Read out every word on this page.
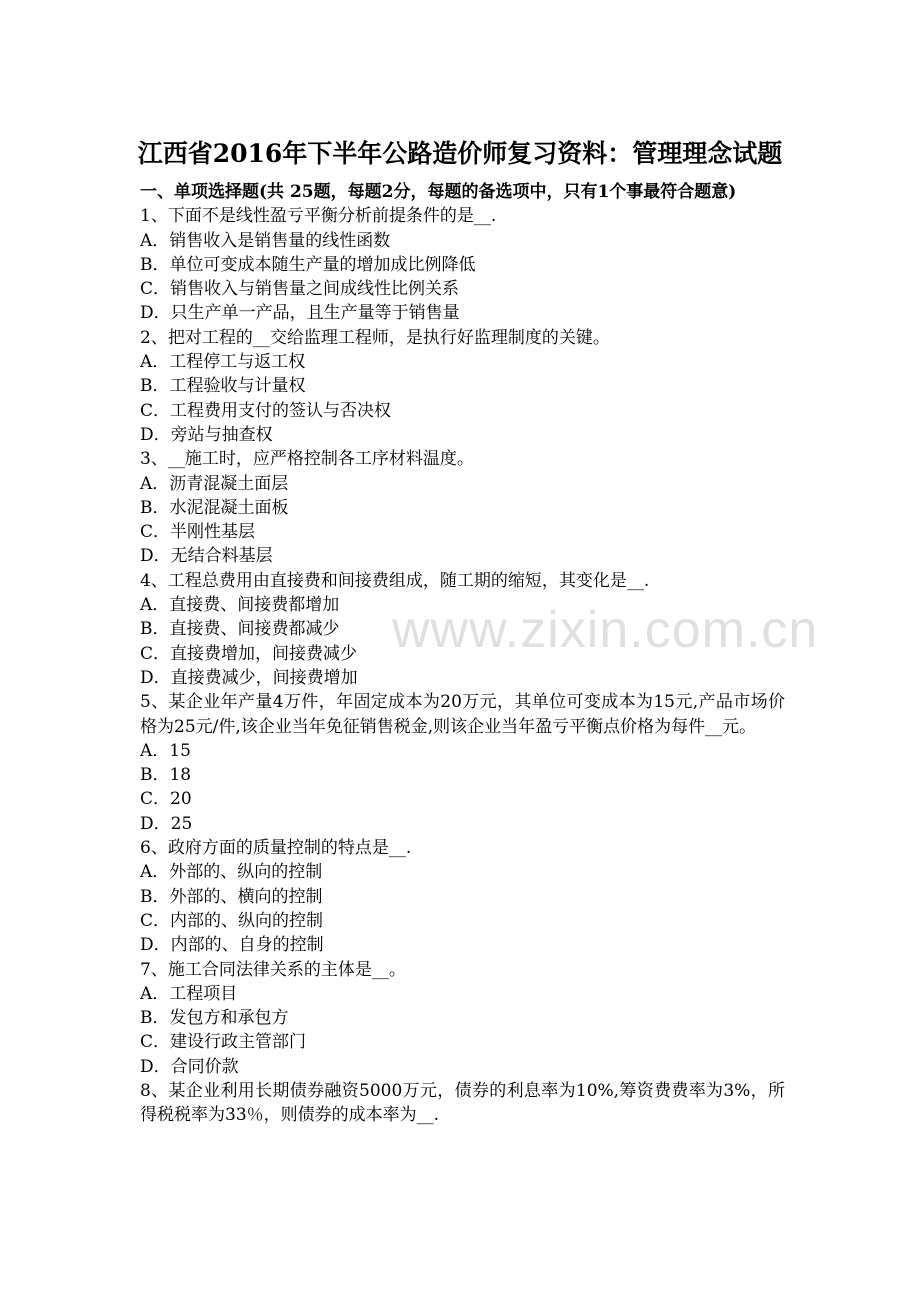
江西省2016年下半年公路造价师复习资料：管理理念试题
一、单项选择题(共 25题，每题2分，每题的备选项中，只有1个事最符合题意)
1、下面不是线性盈亏平衡分析前提条件的是__.
A．销售收入是销售量的线性函数
B．单位可变成本随生产量的增加成比例降低
C．销售收入与销售量之间成线性比例关系
D．只生产单一产品，且生产量等于销售量
2、把对工程的__交给监理工程师，是执行好监理制度的关键。
A．工程停工与返工权
B．工程验收与计量权
C．工程费用支付的签认与否决权
D．旁站与抽查权
3、__施工时，应严格控制各工序材料温度。
A．沥青混凝土面层
B．水泥混凝土面板
C．半刚性基层
D．无结合料基层
4、工程总费用由直接费和间接费组成，随工期的缩短，其变化是__.
A．直接费、间接费都增加
B．直接费、间接费都减少
C．直接费增加，间接费减少
D．直接费减少，间接费增加
5、某企业年产量4万件，年固定成本为20万元，其单位可变成本为15元,产品市场价格为25元/件,该企业当年免征销售税金,则该企业当年盈亏平衡点价格为每件__元。
A．15
B．18
C．20
D．25
6、政府方面的质量控制的特点是__.
A．外部的、纵向的控制
B．外部的、横向的控制
C．内部的、纵向的控制
D．内部的、自身的控制
7、施工合同法律关系的主体是__。
A．工程项目
B．发包方和承包方
C．建设行政主管部门
D．合同价款
8、某企业利用长期债券融资5000万元，债券的利息率为10%,筹资费费率为3%，所得税税率为33％，则债券的成本率为__.
www.zixin.com.cn
